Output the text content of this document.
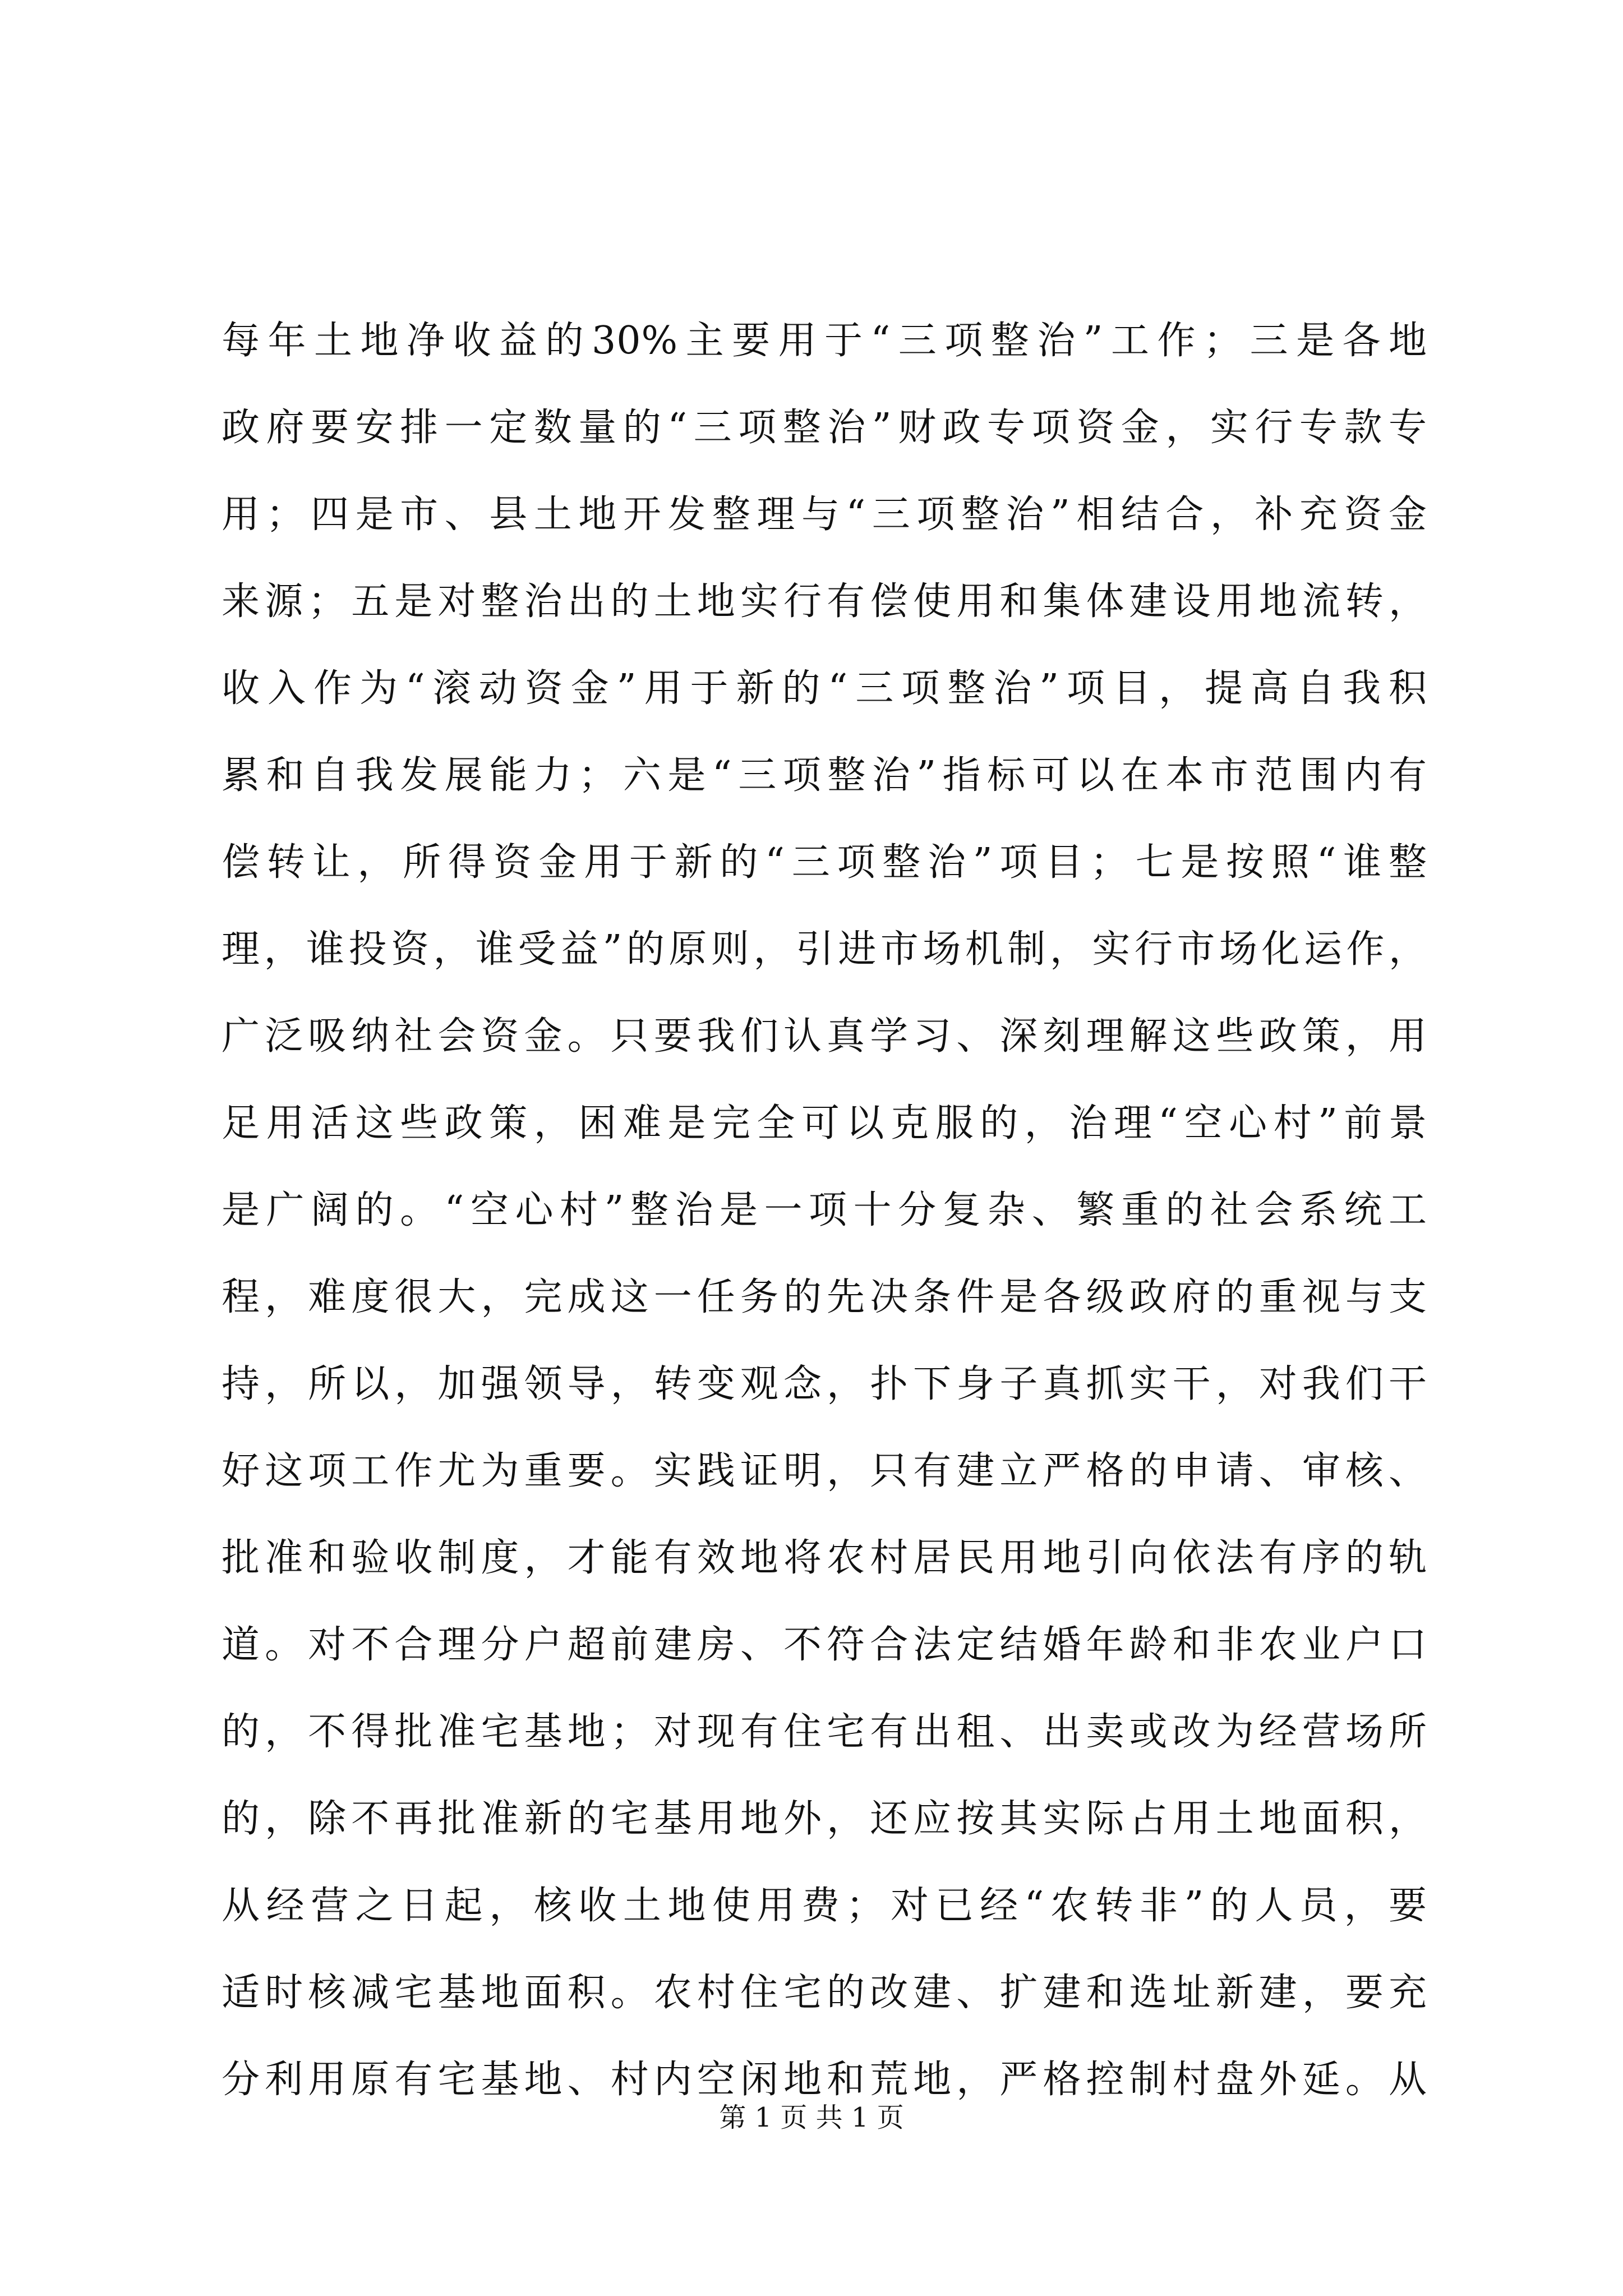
每年土地净收益的30%主要用于“三项整治”工作；三是各地
政府要安排一定数量的“三项整治”财政专项资金，实行专款专
用；四是市、县土地开发整理与“三项整治”相结合，补充资金
来源；五是对整治出的土地实行有偿使用和集体建设用地流转，
收入作为“滚动资金”用于新的“三项整治”项目，提高自我积
累和自我发展能力；六是“三项整治”指标可以在本市范围内有
偿转让，所得资金用于新的“三项整治”项目；七是按照“谁整
理，谁投资，谁受益”的原则，引进市场机制，实行市场化运作，
广泛吸纳社会资金。只要我们认真学习、深刻理解这些政策，用
足用活这些政策，困难是完全可以克服的，治理“空心村”前景
是广阔的。“空心村”整治是一项十分复杂、繁重的社会系统工
程，难度很大，完成这一任务的先决条件是各级政府的重视与支
持，所以，加强领导，转变观念，扑下身子真抓实干，对我们干
好这项工作尤为重要。实践证明，只有建立严格的申请、审核、
批准和验收制度，才能有效地将农村居民用地引向依法有序的轨
道。对不合理分户超前建房、不符合法定结婚年龄和非农业户口
的，不得批准宅基地；对现有住宅有出租、出卖或改为经营场所
的，除不再批准新的宅基用地外，还应按其实际占用土地面积，
从经营之日起，核收土地使用费；对已经“农转非”的人员，要
适时核减宅基地面积。农村住宅的改建、扩建和选址新建，要充
分利用原有宅基地、村内空闲地和荒地，严格控制村盘外延。从
第 1 页 共 1 页
